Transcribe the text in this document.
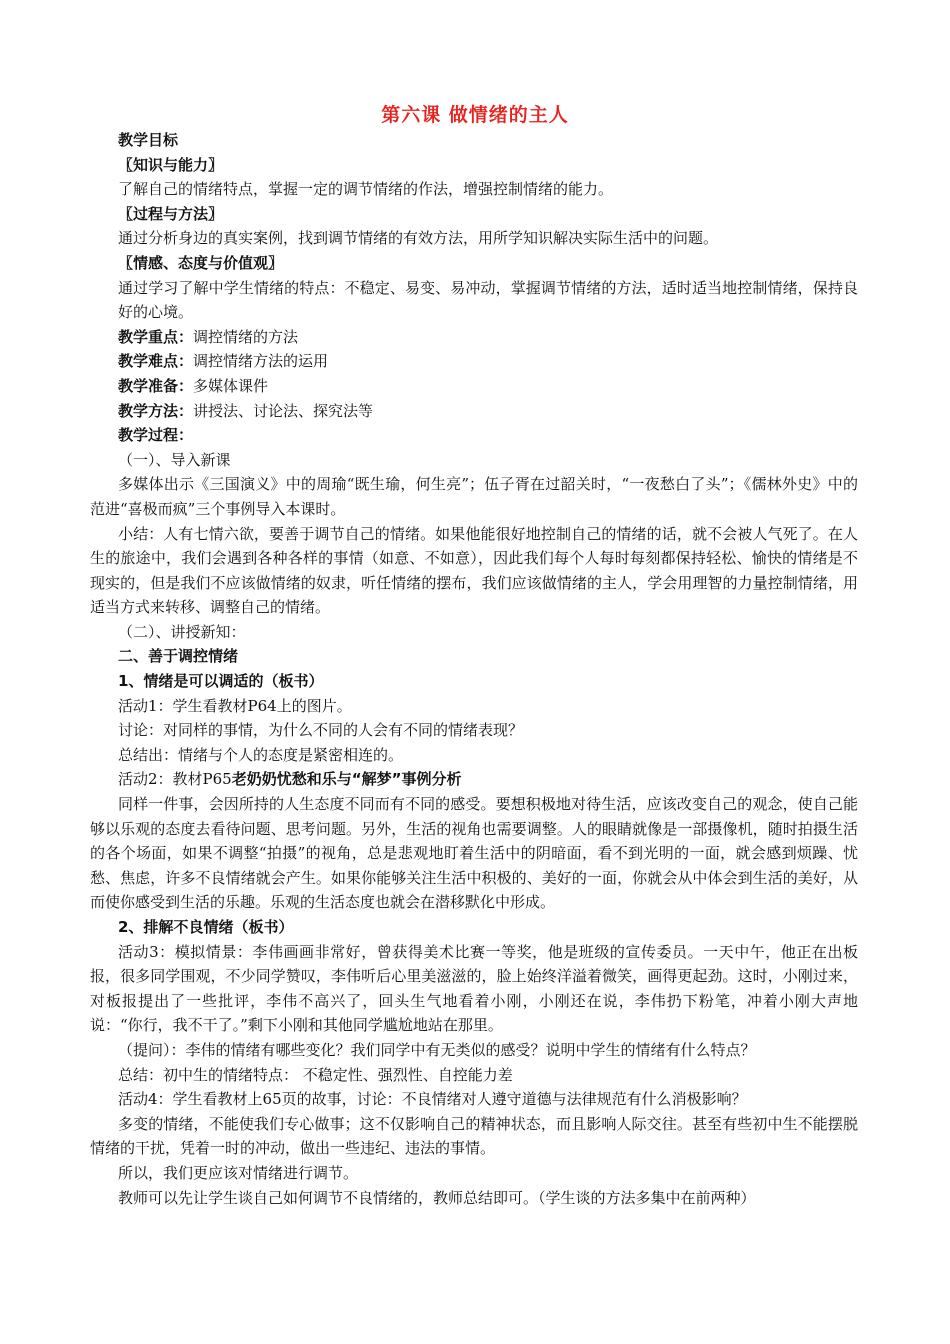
第六课 做情绪的主人

教学目标

〖知识与能力〗

了解自己的情绪特点，掌握一定的调节情绪的作法，增强控制情绪的能力。

〖过程与方法〗

通过分析身边的真实案例，找到调节情绪的有效方法，用所学知识解决实际生活中的问题。

〖情感、态度与价值观〗

通过学习了解中学生情绪的特点：不稳定、易变、易冲动，掌握调节情绪的方法，适时适当地控制情绪，保持良好的心境。

教学重点：调控情绪的方法

教学难点：调控情绪方法的运用

教学准备：多媒体课件

教学方法：讲授法、讨论法、探究法等

教学过程：

（一）、导入新课

多媒体出示《三国演义》中的周瑜“既生瑜，何生亮”；伍子胥在过韶关时，“一夜愁白了头”；《儒林外史》中的范进“喜极而疯”三个事例导入本课时。

小结：人有七情六欲，要善于调节自己的情绪。如果他能很好地控制自己的情绪的话，就不会被人气死了。在人生的旅途中，我们会遇到各种各样的事情（如意、不如意），因此我们每个人每时每刻都保持轻松、愉快的情绪是不现实的，但是我们不应该做情绪的奴隶，听任情绪的摆布，我们应该做情绪的主人，学会用理智的力量控制情绪，用适当方式来转移、调整自己的情绪。

（二）、讲授新知：

二、善于调控情绪

1、情绪是可以调适的（板书）

活动1：学生看教材P64上的图片。

讨论：对同样的事情，为什么不同的人会有不同的情绪表现？

总结出：情绪与个人的态度是紧密相连的。

活动2：教材P65老奶奶忧愁和乐与“解梦”事例分析

同样一件事，会因所持的人生态度不同而有不同的感受。要想积极地对待生活，应该改变自己的观念，使自己能够以乐观的态度去看待问题、思考问题。另外，生活的视角也需要调整。人的眼睛就像是一部摄像机，随时拍摄生活的各个场面，如果不调整“拍摄”的视角，总是悲观地盯着生活中的阴暗面，看不到光明的一面，就会感到烦躁、忧愁、焦虑，许多不良情绪就会产生。如果你能够关注生活中积极的、美好的一面，你就会从中体会到生活的美好，从而使你感受到生活的乐趣。乐观的生活态度也就会在潜移默化中形成。

2、排解不良情绪（板书）

活动3：模拟情景：李伟画画非常好，曾获得美术比赛一等奖，他是班级的宣传委员。一天中午，他正在出板报，很多同学围观，不少同学赞叹，李伟听后心里美滋滋的，脸上始终洋溢着微笑，画得更起劲。这时，小刚过来，对板报提出了一些批评，李伟不高兴了，回头生气地看着小刚，小刚还在说，李伟扔下粉笔，冲着小刚大声地说：“你行，我不干了。”剩下小刚和其他同学尴尬地站在那里。

（提问）：李伟的情绪有哪些变化？我们同学中有无类似的感受？说明中学生的情绪有什么特点？

总结：初中生的情绪特点： 不稳定性、强烈性、自控能力差

活动4：学生看教材上65页的故事，讨论：不良情绪对人遵守道德与法律规范有什么消极影响？

多变的情绪，不能使我们专心做事；这不仅影响自己的精神状态，而且影响人际交往。甚至有些初中生不能摆脱情绪的干扰，凭着一时的冲动，做出一些违纪、违法的事情。

所以，我们更应该对情绪进行调节。

教师可以先让学生谈自己如何调节不良情绪的，教师总结即可。（学生谈的方法多集中在前两种）
